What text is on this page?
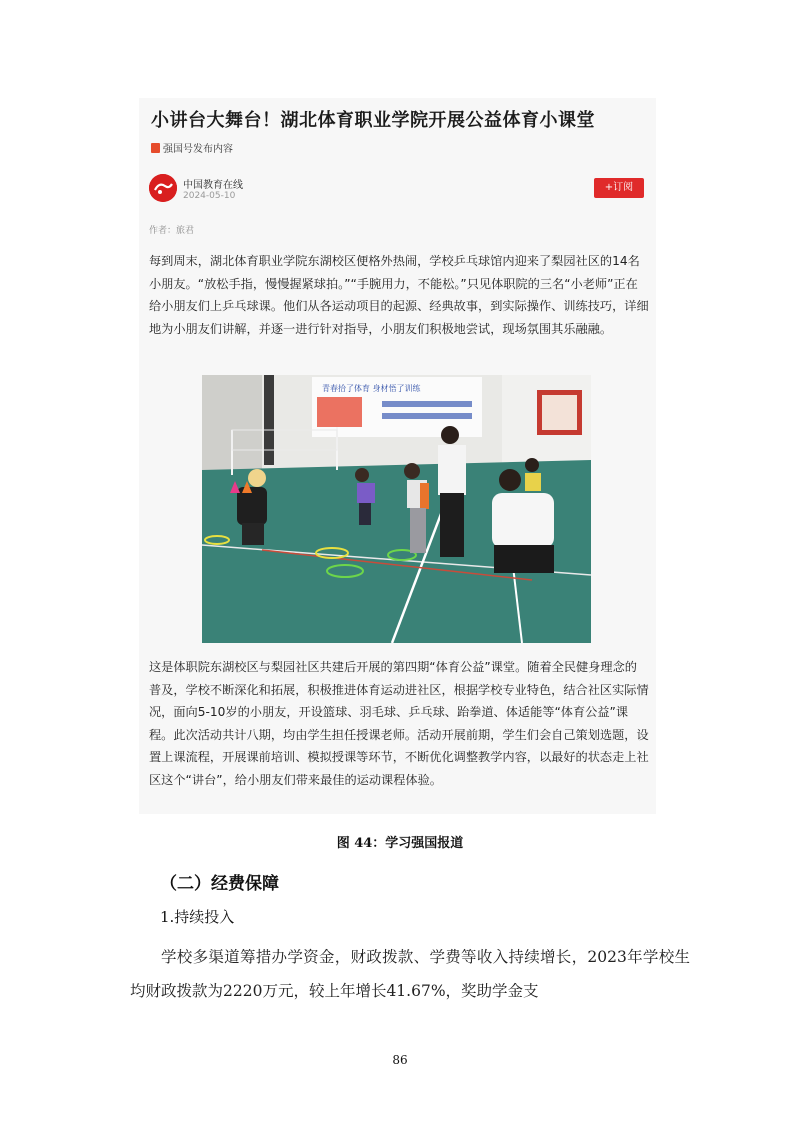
小讲台大舞台！湖北体育职业学院开展公益体育小课堂
强国号发布内容
中国教育在线
2024-05-10
+订阅
作者：旅君
每到周末，湖北体育职业学院东湖校区便格外热闹，学校乒乓球馆内迎来了梨园社区的14名小朋友。“放松手指，慢慢握紧球拍。”“手腕用力，不能松。”只见体职院的三名“小老师”正在给小朋友们上乒乓球课。他们从各运动项目的起源、经典故事，到实际操作、训练技巧，详细地为小朋友们讲解，并逐一进行针对指导，小朋友们积极地尝试，现场氛围其乐融融。
青春拾了体育 身材悟了训练
这是体职院东湖校区与梨园社区共建后开展的第四期“体育公益”课堂。随着全民健身理念的普及，学校不断深化和拓展，积极推进体育运动进社区，根据学校专业特色，结合社区实际情况，面向5-10岁的小朋友，开设篮球、羽毛球、乒乓球、跆拳道、体适能等“体育公益”课程。此次活动共计八期，均由学生担任授课老师。活动开展前期，学生们会自己策划选题，设置上课流程，开展课前培训、模拟授课等环节，不断优化调整教学内容，以最好的状态走上社区这个“讲台”，给小朋友们带来最佳的运动课程体验。
图 44：学习强国报道
（二）经费保障
1.持续投入
学校多渠道筹措办学资金，财政拨款、学费等收入持续增长，2023年学校生均财政拨款为2220万元，较上年增长41.67%，奖助学金支
86
